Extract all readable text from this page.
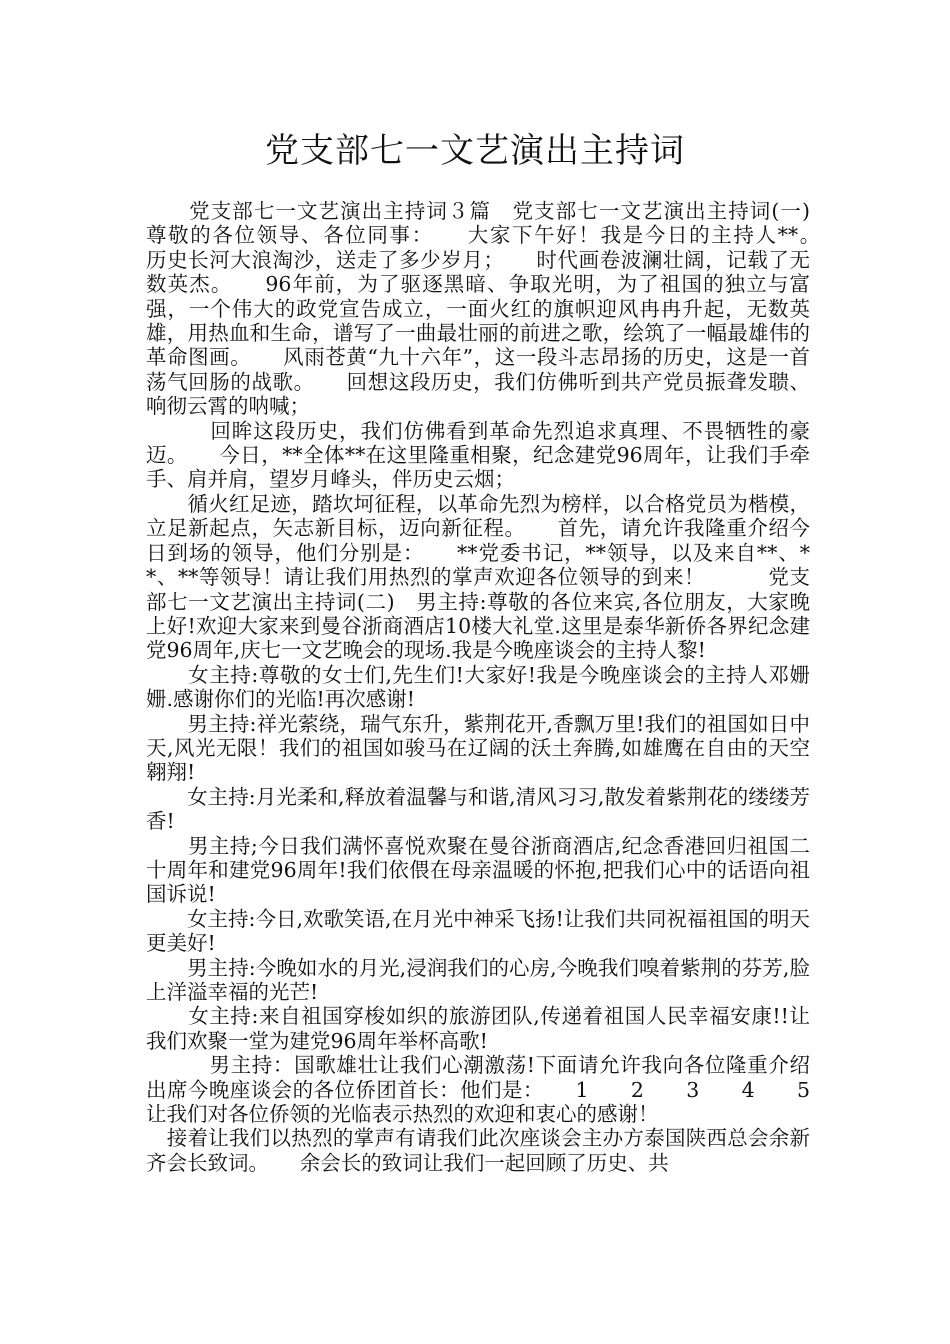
党支部七一文艺演出主持词

　　党支部七一文艺演出主持词３篇　党支部七一文艺演出主持词(一)　尊敬的各位领导、各位同事：　　大家下午好！我是今日的主持人**。　　历史长河大浪淘沙，送走了多少岁月；　　时代画卷波澜壮阔，记载了无数英杰。　　96年前，为了驱逐黑暗、争取光明，为了祖国的独立与富强，一个伟大的政党宣告成立，一面火红的旗帜迎风冉冉升起，无数英雄，用热血和生命，谱写了一曲最壮丽的前进之歌，绘筑了一幅最雄伟的革命图画。　　风雨苍黄“九十六年”，这一段斗志昂扬的历史，这是一首荡气回肠的战歌。　　回想这段历史，我们仿佛听到共产党员振聋发聩、响彻云霄的呐喊；

　　　回眸这段历史，我们仿佛看到革命先烈追求真理、不畏牺牲的豪迈。　　今日，**全体**在这里隆重相聚，纪念建党96周年，让我们手牵手、肩并肩，望岁月峰头，伴历史云烟；

　　循火红足迹，踏坎坷征程，以革命先烈为榜样，以合格党员为楷模，立足新起点，矢志新目标，迈向新征程。　　首先，请允许我隆重介绍今日到场的领导，他们分别是：　　**党委书记，**领导，以及来自**、**、**等领导！请让我们用热烈的掌声欢迎各位领导的到来！　　　党支部七一文艺演出主持词(二)　男主持:尊敬的各位来宾,各位朋友，大家晚上好!欢迎大家来到曼谷浙商酒店10楼大礼堂.这里是泰华新侨各界纪念建党96周年,庆七一文艺晚会的现场.我是今晚座谈会的主持人黎!

　　女主持:尊敬的女士们,先生们!大家好!我是今晚座谈会的主持人邓姗姗.感谢你们的光临!再次感谢!

　　男主持:祥光萦绕，瑞气东升，紫荆花开,香飘万里!我们的祖国如日中天,风光无限！我们的祖国如骏马在辽阔的沃土奔腾,如雄鹰在自由的天空翱翔!

　　女主持:月光柔和,释放着温馨与和谐,清风习习,散发着紫荆花的缕缕芳香!

　　男主持;今日我们满怀喜悦欢聚在曼谷浙商酒店,纪念香港回归祖国二十周年和建党96周年!我们依偎在母亲温暖的怀抱,把我们心中的话语向祖国诉说!

　　女主持:今日,欢歌笑语,在月光中神采飞扬!让我们共同祝福祖国的明天更美好!

　　男主持:今晚如水的月光,浸润我们的心房,今晚我们嗅着紫荆的芬芳,脸上洋溢幸福的光芒!

　　女主持:来自祖国穿梭如织的旅游团队,传递着祖国人民幸福安康!!让我们欢聚一堂为建党96周年举杯高歌!

　　　男主持：国歌雄壮让我们心潮激荡!下面请允许我向各位隆重介绍出席今晚座谈会的各位侨团首长：他们是：　　1　　2　　3　　4　　5　　让我们对各位侨领的光临表示热烈的欢迎和衷心的感谢！

　接着让我们以热烈的掌声有请我们此次座谈会主办方泰国陕西总会余新齐会长致词。　　余会长的致词让我们一起回顾了历史、共
